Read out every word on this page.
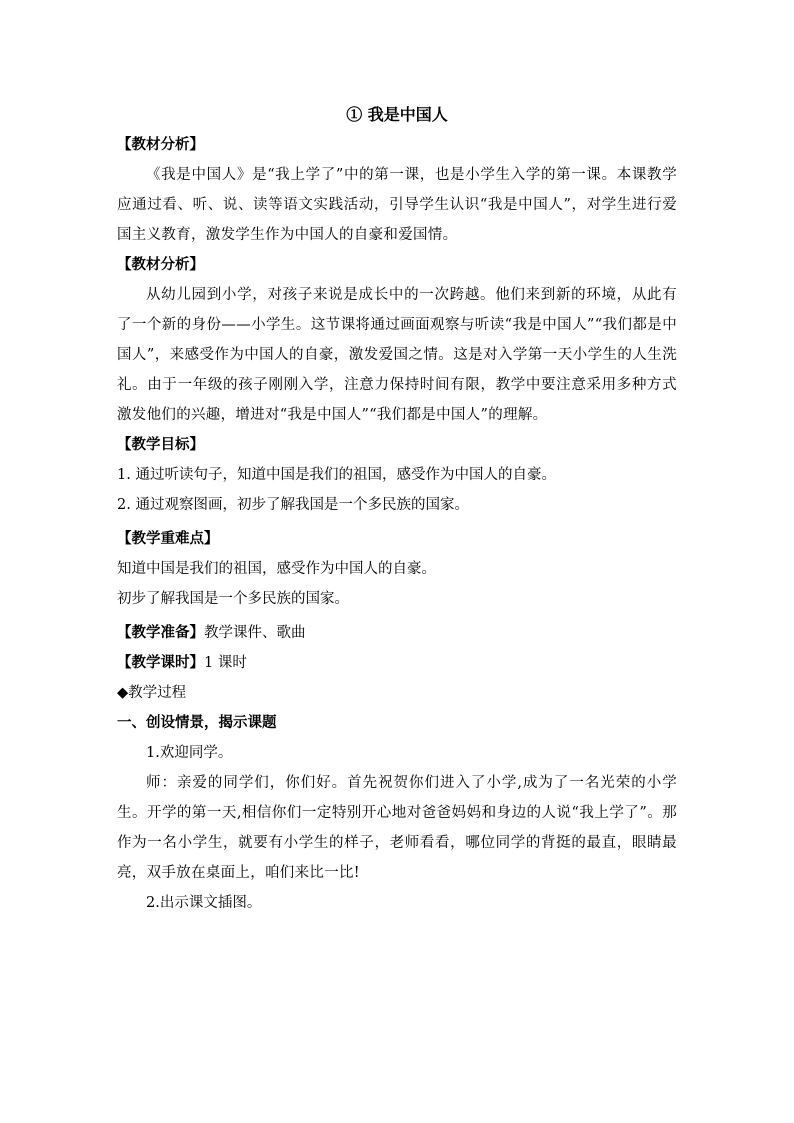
① 我是中国人

【教材分析】

《我是中国人》是“我上学了”中的第一课，也是小学生入学的第一课。本课教学应通过看、听、说、读等语文实践活动，引导学生认识“我是中国人”，对学生进行爱国主义教育，激发学生作为中国人的自豪和爱国情。

【教材分析】

从幼儿园到小学，对孩子来说是成长中的一次跨越。他们来到新的环境，从此有了一个新的身份——小学生。这节课将通过画面观察与听读“我是中国人”“我们都是中国人”，来感受作为中国人的自豪，激发爱国之情。这是对入学第一天小学生的人生洗礼。由于一年级的孩子刚刚入学，注意力保持时间有限，教学中要注意采用多种方式激发他们的兴趣，增进对“我是中国人”“我们都是中国人”的理解。

【教学目标】

1. 通过听读句子，知道中国是我们的祖国，感受作为中国人的自豪。

2. 通过观察图画，初步了解我国是一个多民族的国家。

【教学重难点】

知道中国是我们的祖国，感受作为中国人的自豪。

初步了解我国是一个多民族的国家。

【教学准备】教学课件、歌曲

【教学课时】1 课时

◆教学过程

一、创设情景，揭示课题

1.欢迎同学。

师：亲爱的同学们，你们好。首先祝贺你们进入了小学,成为了一名光荣的小学生。开学的第一天,相信你们一定特别开心地对爸爸妈妈和身边的人说“我上学了”。那作为一名小学生，就要有小学生的样子，老师看看，哪位同学的背挺的最直，眼睛最亮，双手放在桌面上，咱们来比一比!

2.出示课文插图。
